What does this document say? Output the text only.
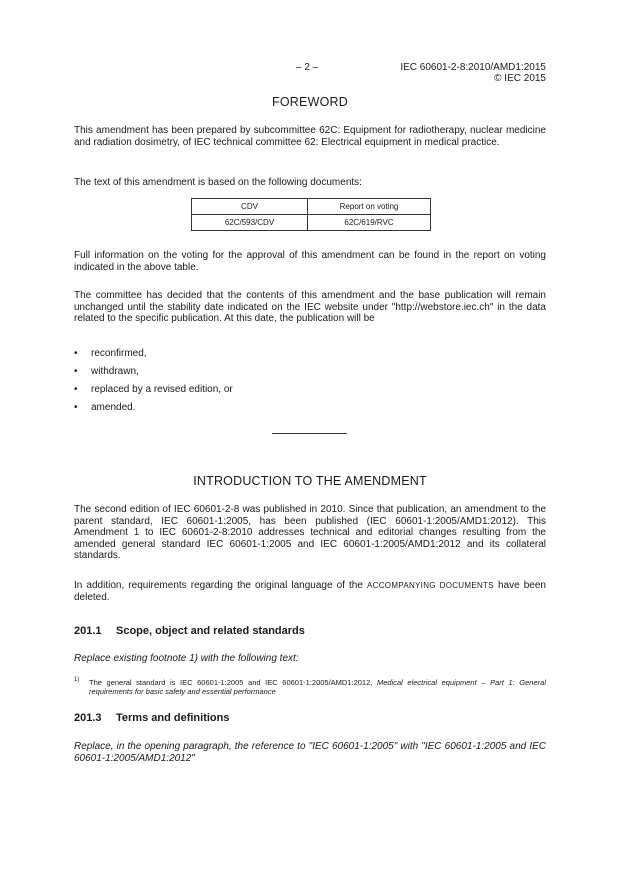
– 2 –	IEC 60601-2-8:2010/AMD1:2015
© IEC 2015
FOREWORD
This amendment has been prepared by subcommittee 62C: Equipment for radiotherapy, nuclear medicine and radiation dosimetry, of IEC technical committee 62: Electrical equipment in medical practice.
The text of this amendment is based on the following documents:
CDV	Report on voting
62C/593/CDV	62C/619/RVC
Full information on the voting for the approval of this amendment can be found in the report on voting indicated in the above table.
The committee has decided that the contents of this amendment and the base publication will remain unchanged until the stability date indicated on the IEC website under "http://webstore.iec.ch" in the data related to the specific publication. At this date, the publication will be
• reconfirmed,
• withdrawn,
• replaced by a revised edition, or
• amended.
INTRODUCTION TO THE AMENDMENT
The second edition of IEC 60601-2-8 was published in 2010. Since that publication, an amendment to the parent standard, IEC 60601-1:2005, has been published (IEC 60601-1:2005/AMD1:2012). This Amendment 1 to IEC 60601-2-8:2010 addresses technical and editorial changes resulting from the amended general standard IEC 60601-1:2005 and IEC 60601-1:2005/AMD1:2012 and its collateral standards.
In addition, requirements regarding the original language of the ACCOMPANYING DOCUMENTS have been deleted.
201.1 Scope, object and related standards
Replace existing footnote 1) with the following text:
1)	The general standard is IEC 60601-1:2005 and IEC 60601-1:2005/AMD1:2012, Medical electrical equipment – Part 1: General requirements for basic safety and essential performance
201.3 Terms and definitions
Replace, in the opening paragraph, the reference to "IEC 60601-1:2005" with "IEC 60601-1:2005 and IEC 60601-1:2005/AMD1:2012"
